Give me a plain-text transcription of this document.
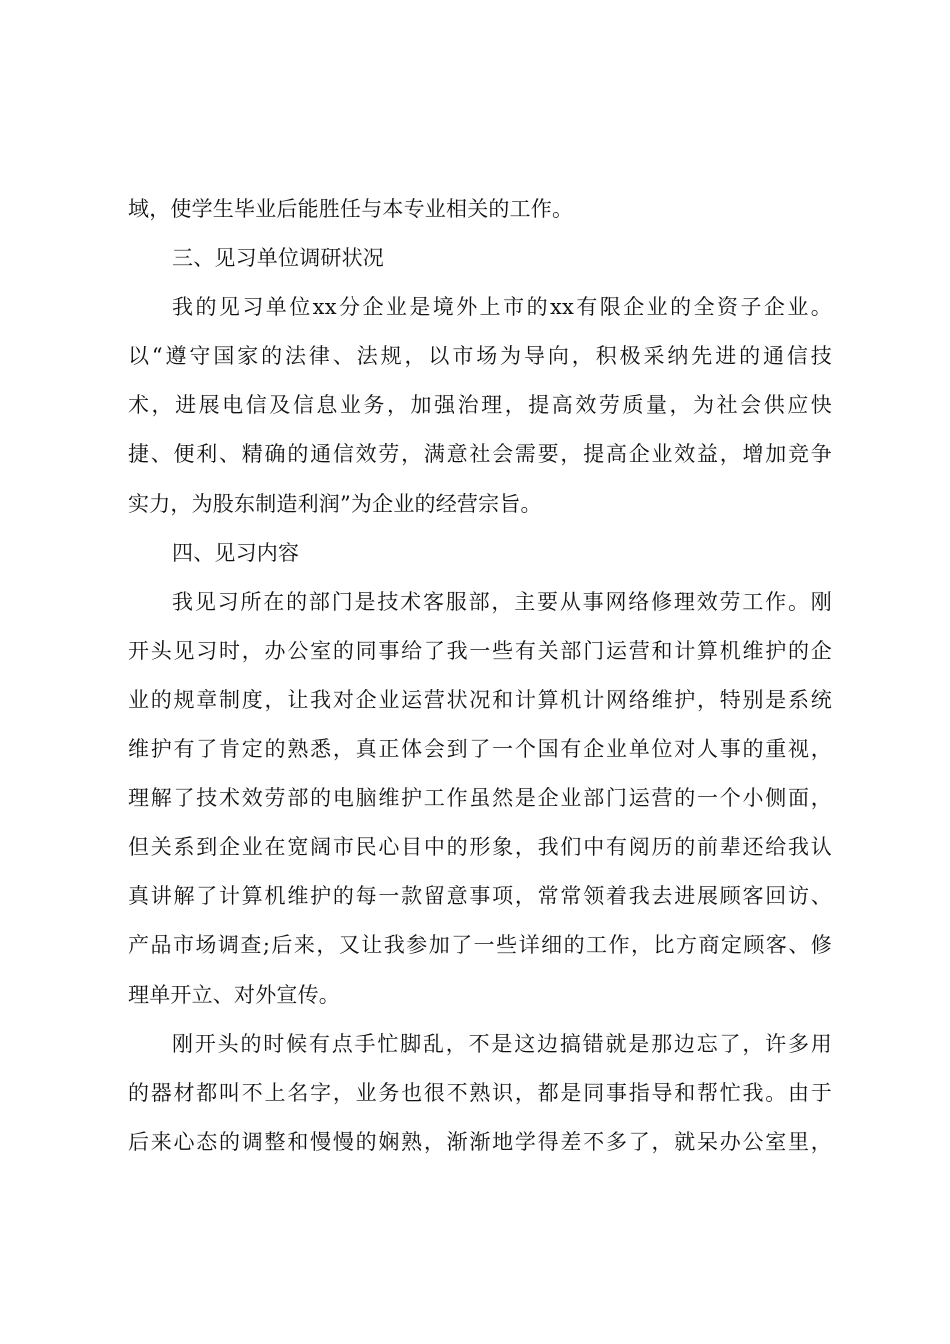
域，使学生毕业后能胜任与本专业相关的工作。
三、见习单位调研状况
我的见习单位xx分企业是境外上市的xx有限企业的全资子企业。
以“遵守国家的法律、法规，以市场为导向，积极采纳先进的通信技
术，进展电信及信息业务，加强治理，提高效劳质量，为社会供应快
捷、便利、精确的通信效劳，满意社会需要，提高企业效益，增加竞争
实力，为股东制造利润”为企业的经营宗旨。
四、见习内容
我见习所在的部门是技术客服部，主要从事网络修理效劳工作。刚
开头见习时，办公室的同事给了我一些有关部门运营和计算机维护的企
业的规章制度，让我对企业运营状况和计算机计网络维护，特别是系统
维护有了肯定的熟悉，真正体会到了一个国有企业单位对人事的重视，
理解了技术效劳部的电脑维护工作虽然是企业部门运营的一个小侧面，
但关系到企业在宽阔市民心目中的形象，我们中有阅历的前辈还给我认
真讲解了计算机维护的每一款留意事项，常常领着我去进展顾客回访、
产品市场调查;后来，又让我参加了一些详细的工作，比方商定顾客、修
理单开立、对外宣传。
刚开头的时候有点手忙脚乱，不是这边搞错就是那边忘了，许多用
的器材都叫不上名字，业务也很不熟识，都是同事指导和帮忙我。由于
后来心态的调整和慢慢的娴熟，渐渐地学得差不多了，就呆办公室里，
